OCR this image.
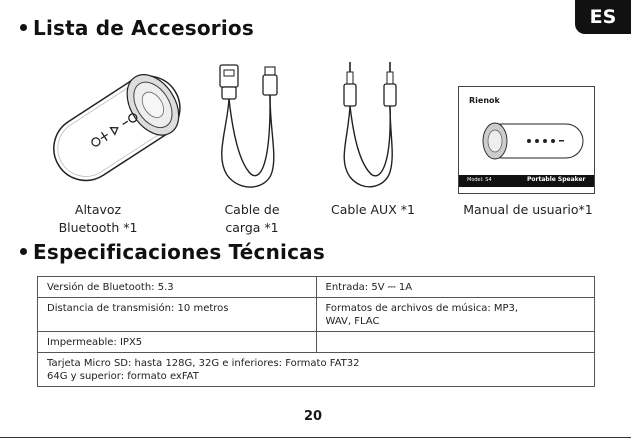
ES
Lista de Accesorios
Rienok
Model: S4	Portable Speaker
Altavoz
Bluetooth *1
Cable de
carga *1
Cable AUX *1	Manual de usuario*1
Especificaciones Técnicas
Versión de Bluetooth: 5.3	Entrada: 5V ⎓ 1A
Distancia de transmisión: 10 metros	Formatos de archivos de música: MP3,
WAV, FLAC

Impermeable: IPX5	

Tarjeta Micro SD: hasta 128G, 32G e inferiores: Formato FAT32
64G y superior: formato exFAT	
20
